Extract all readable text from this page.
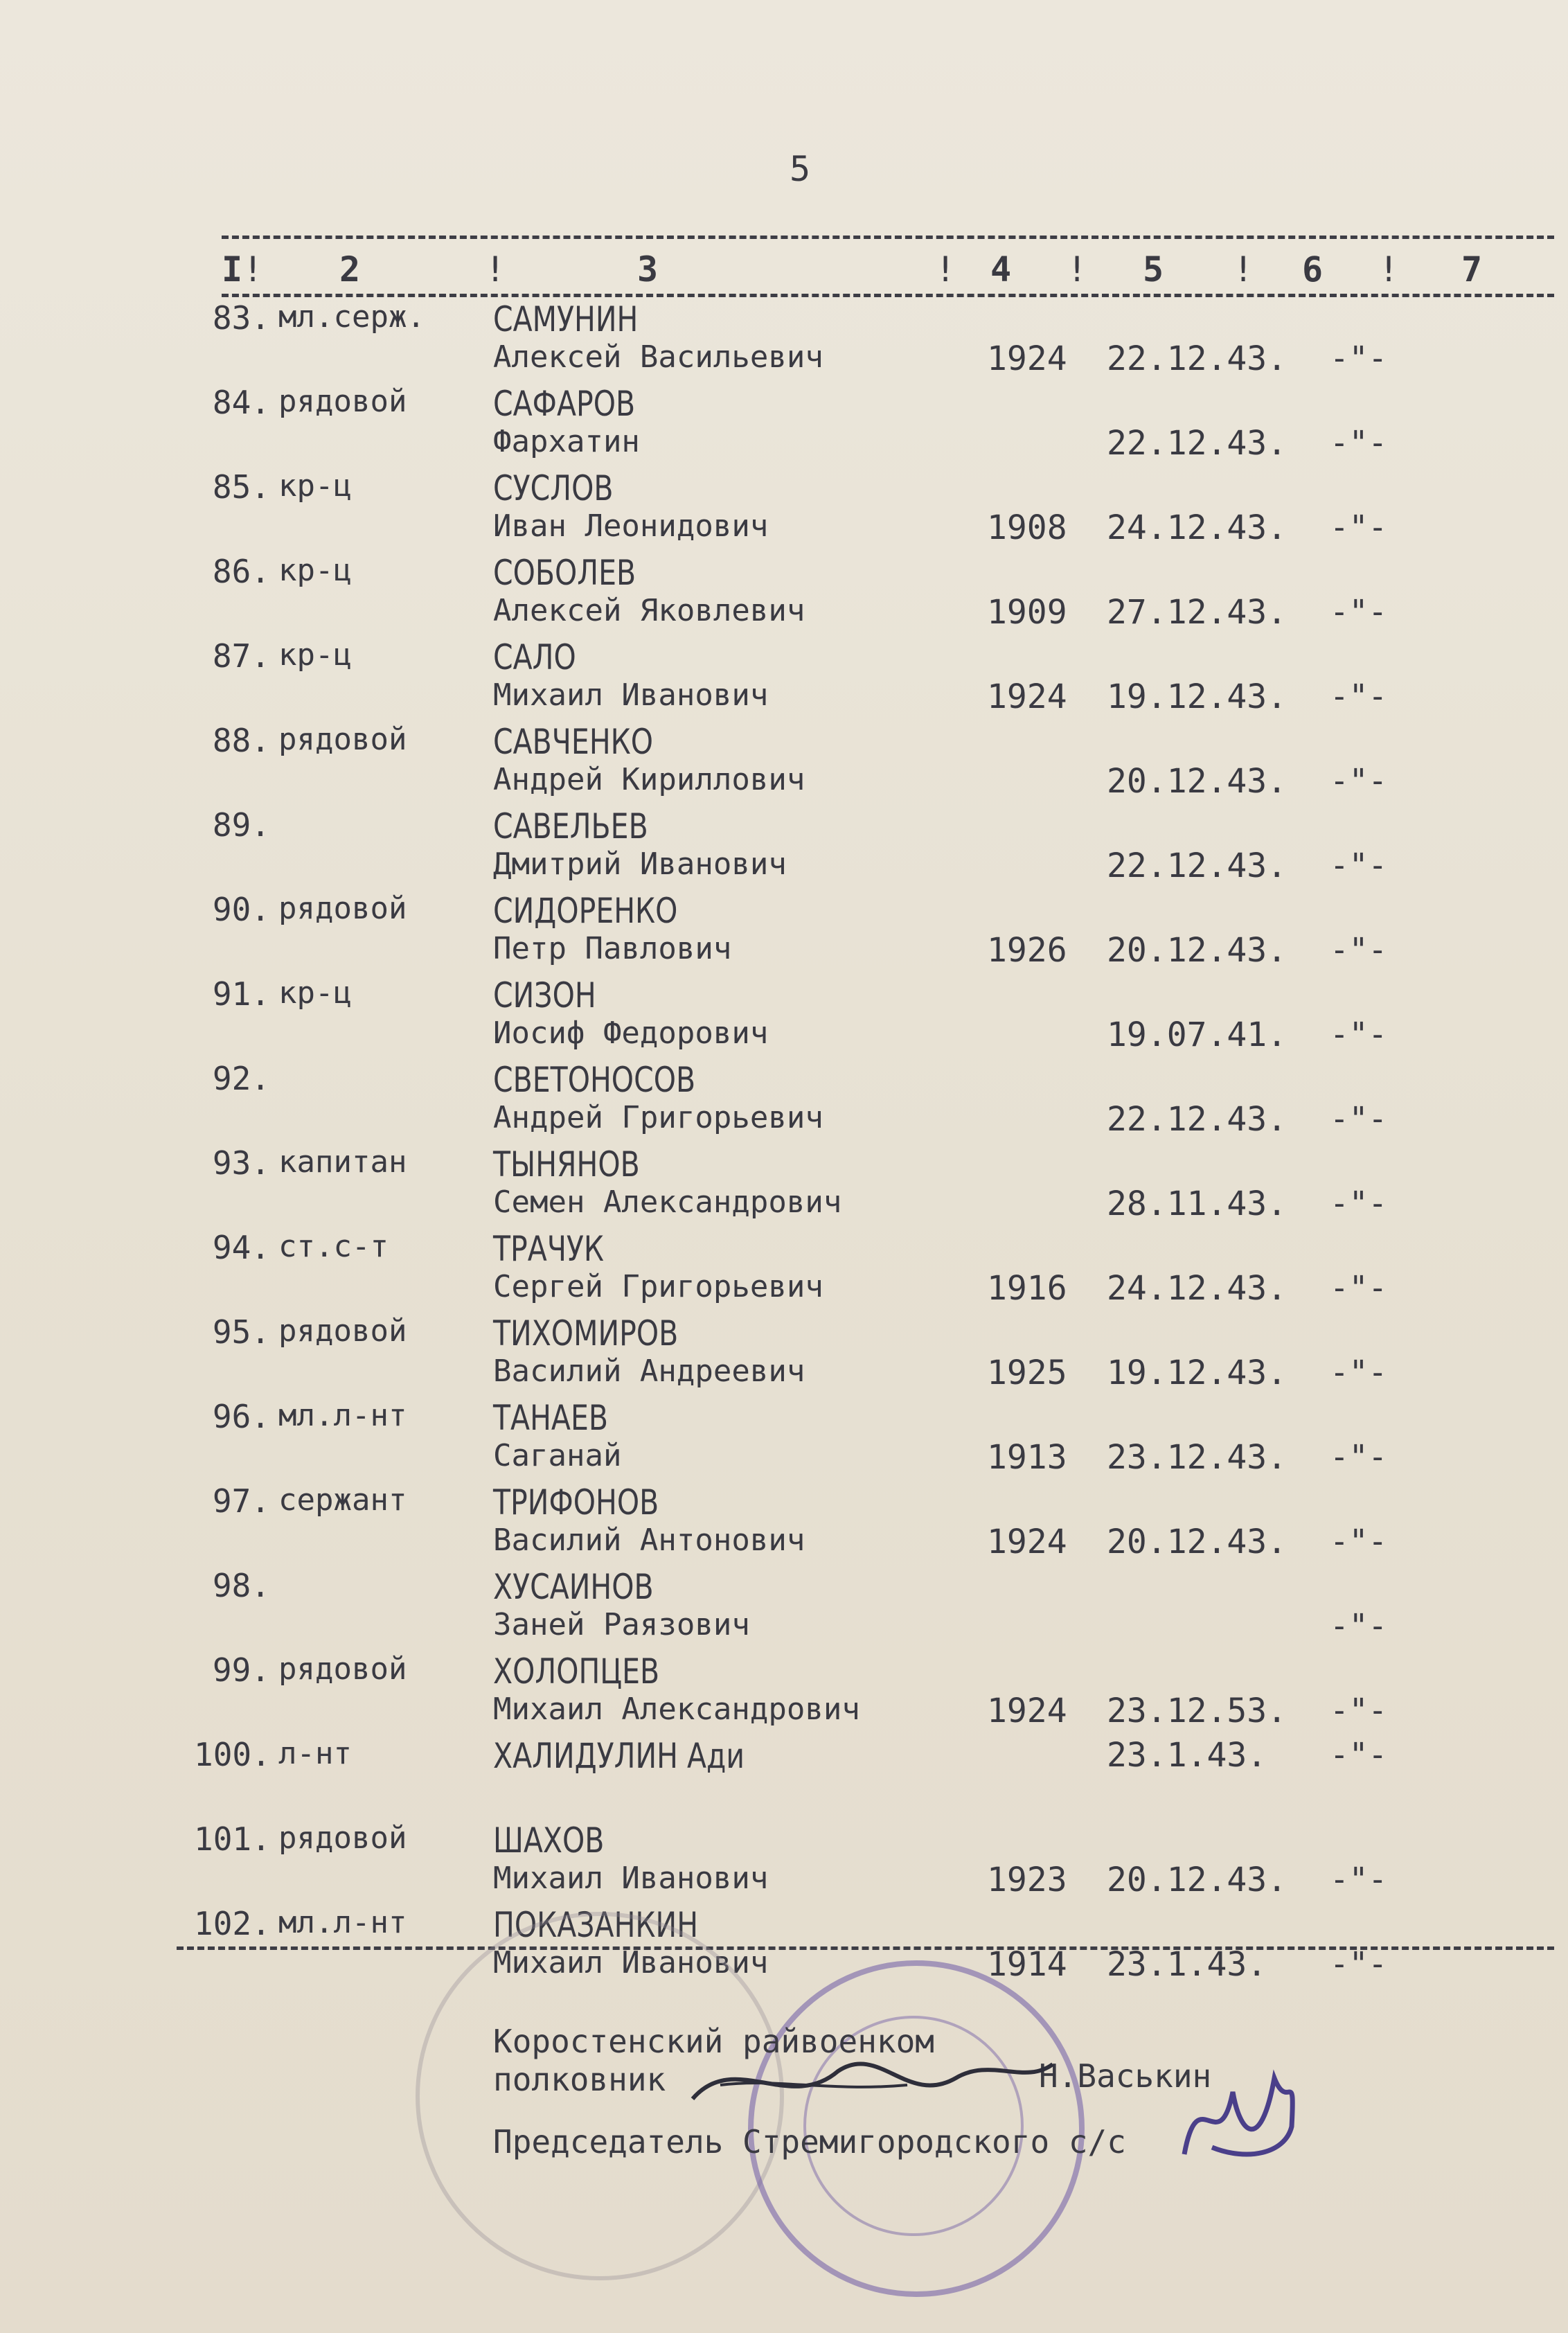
5
I ! 2	!	3	! 4 ! 5 ! 6 ! 7
83. мл.серж. САМУНИН
Алексей Васильевич	1924 22.12.43. -"-
84. рядовой САФАРОВ
Фархатин	22.12.43. -"-
85. кр-ц	СУСЛОВ
Иван Леонидович	1908 24.12.43. -"-
86. кр-ц	СОБОЛЕВ
Алексей Яковлевич	1909 27.12.43. -"-
87. кр-ц	САЛО
Михаил Иванович	1924 19.12.43. -"-
88. рядовой САВЧЕНКО
Андрей Кириллович	20.12.43. -"-
89.	САВЕЛЬЕВ
Дмитрий Иванович	22.12.43. -"-
90. рядовой СИДОРЕНКО
Петр Павлович	1926 20.12.43. -"-
91. кр-ц	СИЗОН
Иосиф Федорович	19.07.41. -"-
92.	СВЕТОНОСОВ
Андрей Григорьевич	22.12.43. -"-
93. капитан ТЫНЯНОВ
Семен Александрович	28.11.43. -"-
94. ст.с-т	ТРАЧУК
Сергей Григорьевич	1916 24.12.43. -"-
95. рядовой ТИХОМИРОВ
Василий Андреевич	1925 19.12.43. -"-
96. мл.л-нт ТАНАЕВ
Саганай	1913 23.12.43. -"-
97. сержант ТРИФОНОВ
Василий Антонович	1924 20.12.43. -"-
98.	ХУСАИНОВ
Заней Раязович	-"-
99. рядовой ХОЛОПЦЕВ
Михаил Александрович	1924 23.12.53. -"-
100. л-нт	ХАЛИДУЛИН Ади	23.1.43. -"-
101. рядовой ШАХОВ
Михаил Иванович	1923 20.12.43. -"-
102. мл.л-нт ПОКАЗАНКИН
Михаил Иванович	1914 23.1.43. -"-
Коростенский райвоенком
полковник	Н.Васькин
Председатель Стремигородского с/с
